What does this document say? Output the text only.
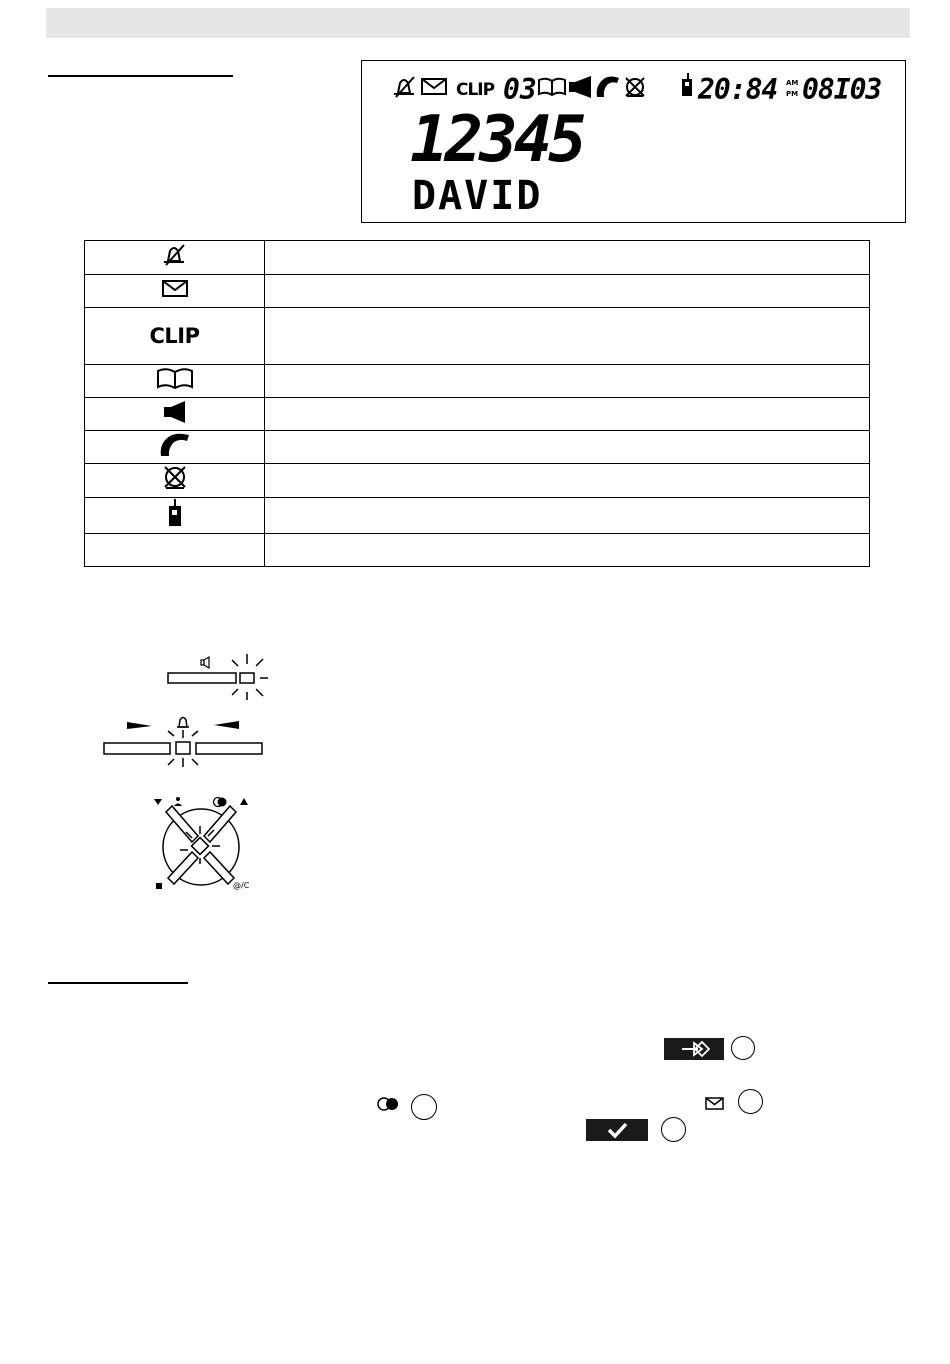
CLIP 03	20:84 AM
PM 08I03
12345
DAVID

CLIP	

@/C
